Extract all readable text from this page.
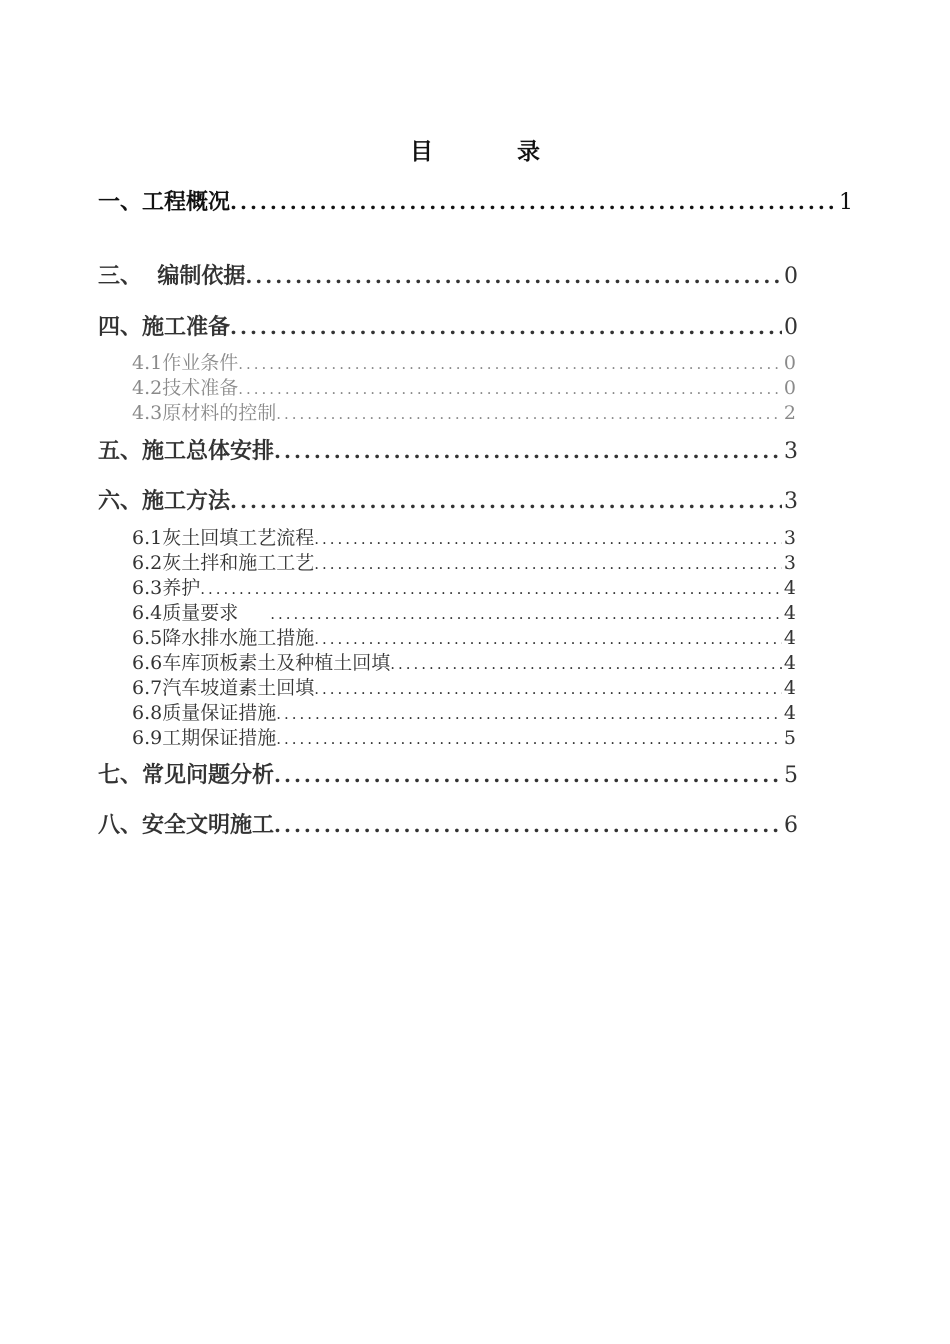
目 录
一、工程概况 .....	1
三、  编制依据 .....	0
四、施工准备 .....	0
4.1作业条件 .....	0
4.2技术准备 .....	0
4.3原材料的控制 .....	2
五、施工总体安排 .....	3
六、施工方法 .....	3
6.1灰土回填工艺流程 .....	3
6.2灰土拌和施工工艺 .....	3
6.3养护 .....	4
6.4质量要求 .....	4
6.5降水排水施工措施 .....	4
6.6车库顶板素土及种植土回填 .....	4
6.7汽车坡道素土回填 .....	4
6.8质量保证措施 .....	4
6.9工期保证措施 .....	5
七、常见问题分析 .....	5
八、安全文明施工 .....	6
